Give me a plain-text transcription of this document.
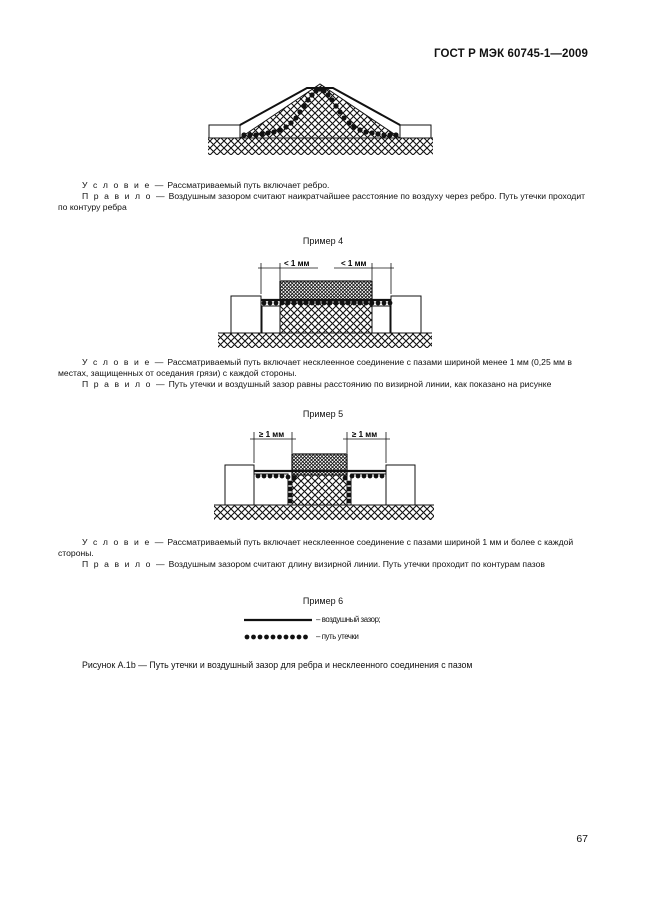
ГОСТ Р МЭК 60745-1—2009

У с л о в и е — Рассматриваемый путь включает ребро.

П р а в и л о — Воздушным зазором считают наикратчайшее расстояние по воздуху через ребро. Путь утечки проходит по контуру ребра

Пример 4
< 1 мм	< 1 мм

У с л о в и е — Рассматриваемый путь включает несклеенное соединение с пазами шириной менее 1 мм (0,25 мм в местах, защищенных от оседания грязи) с каждой стороны.

П р а в и л о — Путь утечки и воздушный зазор равны расстоянию по визирной линии, как показано на рисунке

Пример 5
≥ 1 мм	≥ 1 мм

У с л о в и е — Рассматриваемый путь включает несклеенное соединение с пазами шириной 1 мм и более с каждой стороны.

П р а в и л о — Воздушным зазором считают длину визирной линии. Путь утечки проходит по контурам пазов

Пример 6
– воздушный зазор;
– путь утечки
Рисунок А.1b — Путь утечки и воздушный зазор для ребра и несклеенного соединения с пазом
67
